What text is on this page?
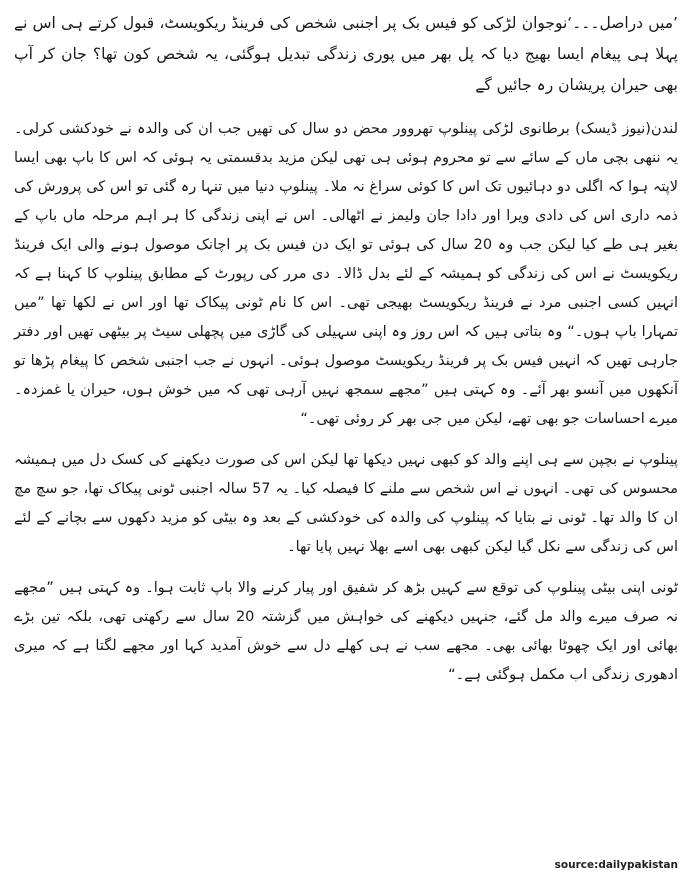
’میں دراصل۔۔۔‘نوجوان لڑکی کو فیس بک پر اجنبی شخص کی فرینڈ ریکویسٹ، قبول کرتے ہی اس نے پہلا ہی پیغام ایسا بھیج دیا کہ پل بھر میں پوری زندگی تبدیل ہوگئی، یہ شخص کون تھا؟ جان کر آپ بھی حیران پریشان رہ جائیں گے

لندن(نیوز ڈیسک) برطانوی لڑکی پینلوپ تھروور محض دو سال کی تھیں جب ان کی والدہ نے خودکشی کرلی۔ یہ ننھی بچی ماں کے سائے سے تو محروم ہوئی ہی تھی لیکن مزید بدقسمتی یہ ہوئی کہ اس کا باپ بھی ایسا لاپتہ ہوا کہ اگلی دو دہائیوں تک اس کا کوئی سراغ نہ ملا۔ پینلوپ دنیا میں تنہا رہ گئی تو اس کی پرورش کی ذمہ داری اس کی دادی ویرا اور دادا جان ولیمز نے اٹھالی۔ اس نے اپنی زندگی کا ہر اہم مرحلہ ماں باپ کے بغیر ہی طے کیا لیکن جب وہ 20 سال کی ہوئی تو ایک دن فیس بک پر اچانک موصول ہونے والی ایک فرینڈ ریکویسٹ نے اس کی زندگی کو ہمیشہ کے لئے بدل ڈالا۔ دی مرر کی رپورٹ کے مطابق پینلوپ کا کہنا ہے کہ انہیں کسی اجنبی مرد نے فرینڈ ریکویسٹ بھیجی تھی۔ اس کا نام ٹونی پیکاک تھا اور اس نے لکھا تھا ”میں تمہارا باپ ہوں۔“ وہ بتاتی ہیں کہ اس روز وہ اپنی سہیلی کی گاڑی میں پچھلی سیٹ پر بیٹھی تھیں اور دفتر جارہی تھیں کہ انہیں فیس بک پر فرینڈ ریکویسٹ موصول ہوئی۔ انہوں نے جب اجنبی شخص کا پیغام پڑھا تو آنکھوں میں آنسو بھر آئے۔ وہ کہتی ہیں ”مجھے سمجھ نہیں آرہی تھی کہ میں خوش ہوں، حیران یا غمزدہ۔ میرے احساسات جو بھی تھے، لیکن میں جی بھر کر روئی تھی۔“

پینلوپ نے بچپن سے ہی اپنے والد کو کبھی نہیں دیکھا تھا لیکن اس کی صورت دیکھنے کی کسک دل میں ہمیشہ محسوس کی تھی۔ انہوں نے اس شخص سے ملنے کا فیصلہ کیا۔ یہ 57 سالہ اجنبی ٹونی پیکاک تھا، جو سچ مچ ان کا والد تھا۔ ٹونی نے بتایا کہ پینلوپ کی والدہ کی خودکشی کے بعد وہ بیٹی کو مزید دکھوں سے بچانے کے لئے اس کی زندگی سے نکل گیا لیکن کبھی بھی اسے بھلا نہیں پایا تھا۔

ٹونی اپنی بیٹی پینلوپ کی توقع سے کہیں بڑھ کر شفیق اور پیار کرنے والا باپ ثابت ہوا۔ وہ کہتی ہیں ”مجھے نہ صرف میرے والد مل گئے، جنہیں دیکھنے کی خواہش میں گزشتہ 20 سال سے رکھتی تھی، بلکہ تین بڑے بھائی اور ایک چھوٹا بھائی بھی۔ مجھے سب نے ہی کھلے دل سے خوش آمدید کہا اور مجھے لگتا ہے کہ میری ادھوری زندگی اب مکمل ہوگئی ہے۔“

source:dailypakistan
